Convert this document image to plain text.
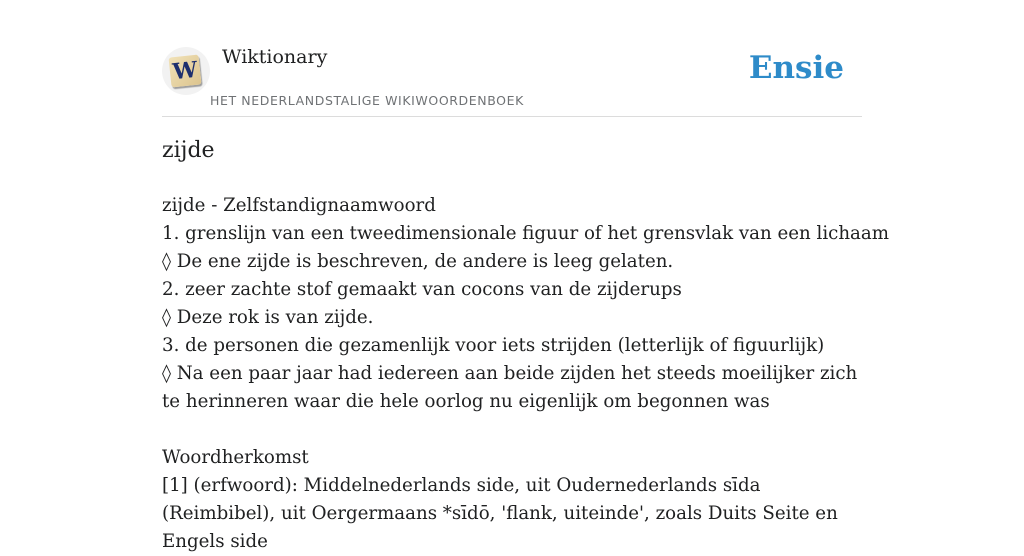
W Wiktionary
HET NEDERLANDSTALIGE WIKIWOORDENBOEK
Ensie
zijde

zijde - Zelfstandignaamwoord

1. grenslijn van een tweedimensionale figuur of het grensvlak van een lichaam

◊ De ene zijde is beschreven, de andere is leeg gelaten.

2. zeer zachte stof gemaakt van cocons van de zijderups

◊ Deze rok is van zijde.

3. de personen die gezamenlijk voor iets strijden (letterlijk of figuurlijk)

◊ Na een paar jaar had iedereen aan beide zijden het steeds moeilijker zich te herinneren waar die hele oorlog nu eigenlijk om begonnen was

Woordherkomst

[1] (erfwoord): Middelnederlands side, uit Oudernederlands sīda (Reimbibel), uit Oergermaans *sīdō, 'flank, uiteinde', zoals Duits Seite en Engels side
